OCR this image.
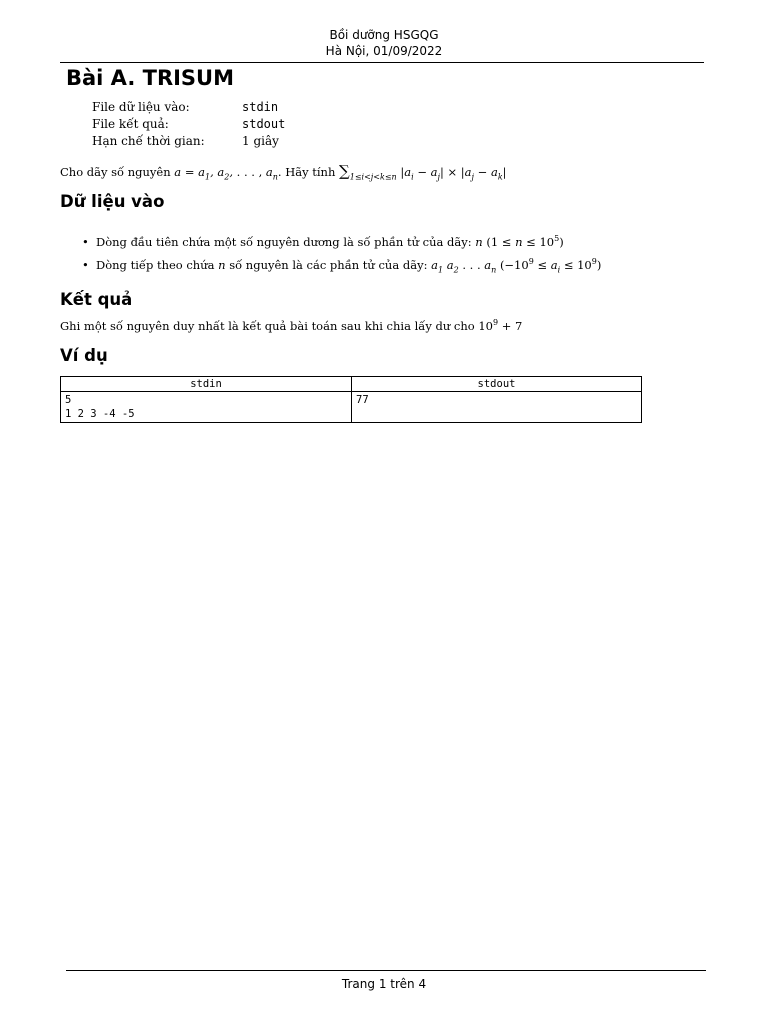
Bồi dưỡng HSGQG
Hà Nội, 01/09/2022
Bài A. TRISUM
File dữ liệu vào:	stdin
File kết quả:	stdout
Hạn chế thời gian:	1 giây
Cho dãy số nguyên $a = a_1$, $a_2$, . . . , $a_n$. Hãy tính $\sum_{1\le i<j<k\le n}$ $|a_i - a_j| \times |a_j - a_k|$
Dữ liệu vào
• Dòng đầu tiên chứa một số nguyên dương là số phần tử của dãy: n $(1 \le n \le 10^5)$
• Dòng tiếp theo chứa n số nguyên là các phần tử của dãy: $a_1$ $a_2$ . . . $a_n$ $(-10^9 \le a_i \le 10^9)$
Kết quả
Ghi một số nguyên duy nhất là kết quả bài toán sau khi chia lấy dư cho $10^9 + 7$
Ví dụ
stdin	stdout

5
1 2 3 -4 -5	77
Trang 1 trên 4
